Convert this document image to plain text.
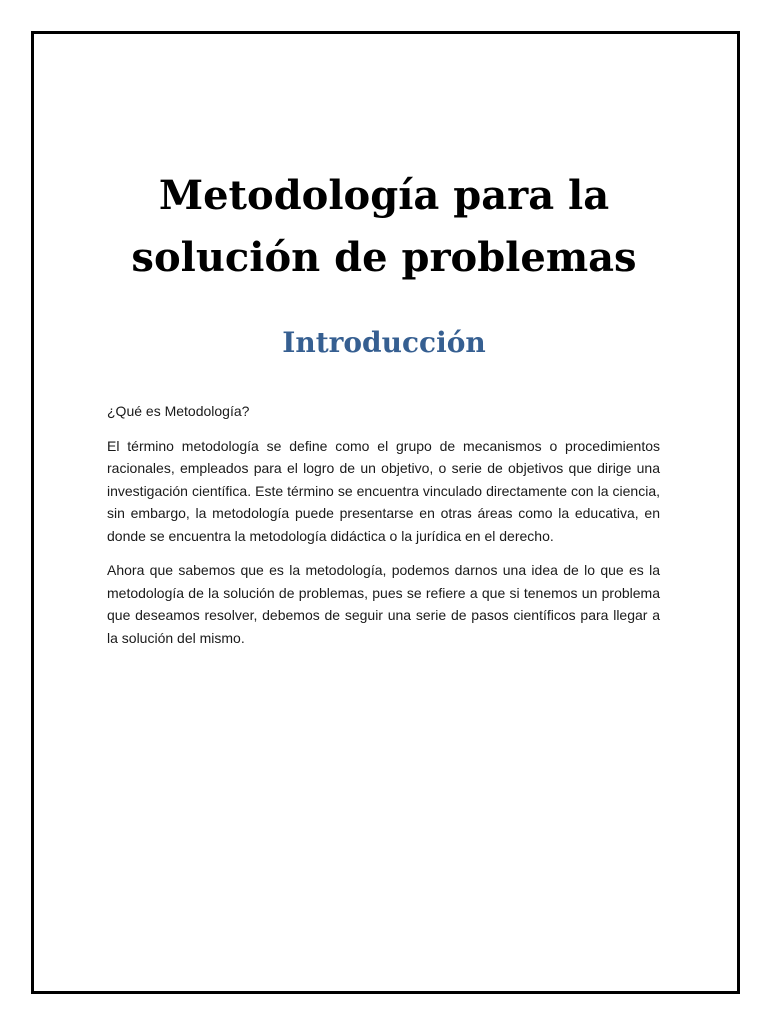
Metodología para la
solución de problemas
Introducción

¿Qué es Metodología?

El término metodología se define como el grupo de mecanismos o procedimientos racionales, empleados para el logro de un objetivo, o serie de objetivos que dirige una investigación científica. Este término se encuentra vinculado directamente con la ciencia, sin embargo, la metodología puede presentarse en otras áreas como la educativa, en donde se encuentra la metodología didáctica o la jurídica en el derecho.

Ahora que sabemos que es la metodología, podemos darnos una idea de lo que es la metodología de la solución de problemas, pues se refiere a que si tenemos un problema que deseamos resolver, debemos de seguir una serie de pasos científicos para llegar a la solución del mismo.
